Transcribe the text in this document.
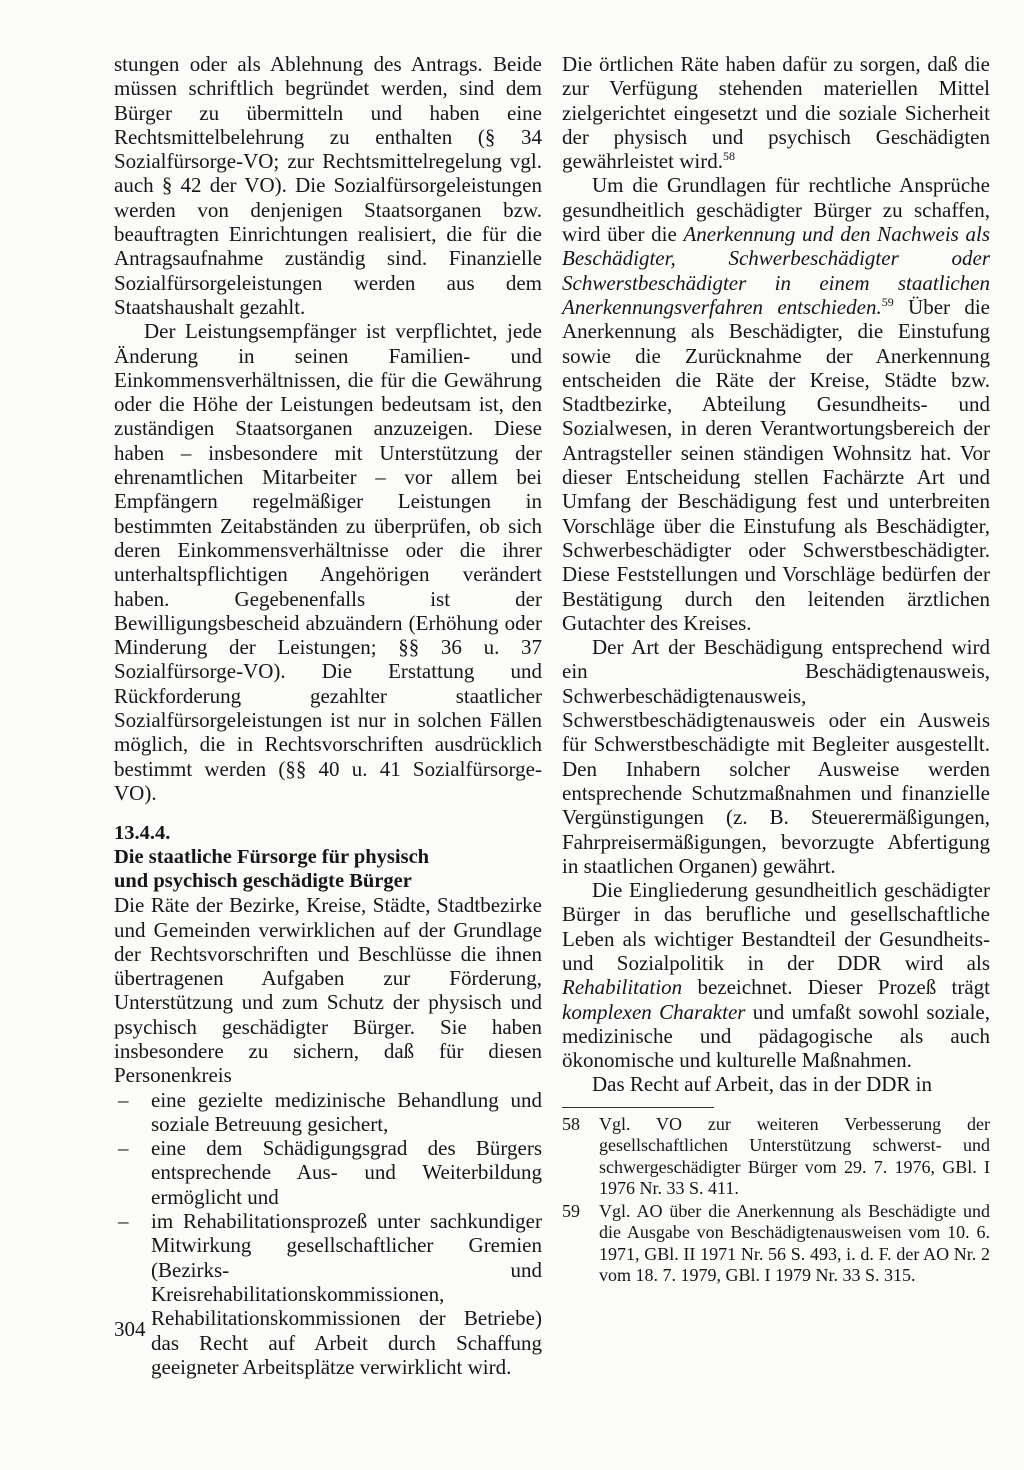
stungen oder als Ablehnung des Antrags. Beide müssen schriftlich begründet werden, sind dem Bürger zu übermitteln und haben eine Rechtsmittelbelehrung zu enthalten (§ 34 Sozialfürsorge-VO; zur Rechtsmittelregelung vgl. auch § 42 der VO). Die Sozialfürsorgeleistungen werden von denjenigen Staatsorganen bzw. beauftragten Einrichtungen realisiert, die für die Antragsaufnahme zuständig sind. Finanzielle Sozialfürsorgeleistungen werden aus dem Staatshaushalt gezahlt.

Der Leistungsempfänger ist verpflichtet, jede Änderung in seinen Familien- und Einkommensverhältnissen, die für die Gewährung oder die Höhe der Leistungen bedeutsam ist, den zuständigen Staatsorganen anzuzeigen. Diese haben – insbesondere mit Unterstützung der ehrenamtlichen Mitarbeiter – vor allem bei Empfängern regelmäßiger Leistungen in bestimmten Zeitabständen zu überprüfen, ob sich deren Einkommensverhältnisse oder die ihrer unterhaltspflichtigen Angehörigen verändert haben. Gegebenenfalls ist der Bewilligungsbescheid abzuändern (Erhöhung oder Minderung der Leistungen; §§ 36 u. 37 Sozialfürsorge-VO). Die Erstattung und Rückforderung gezahlter staatlicher Sozialfürsorgeleistungen ist nur in solchen Fällen möglich, die in Rechtsvorschriften ausdrücklich bestimmt werden (§§ 40 u. 41 Sozialfürsorge-VO).

13.4.4.
Die staatliche Fürsorge für physisch
und psychisch geschädigte Bürger

Die Räte der Bezirke, Kreise, Städte, Stadtbezirke und Gemeinden verwirklichen auf der Grundlage der Rechtsvorschriften und Beschlüsse die ihnen übertragenen Aufgaben zur Förderung, Unterstützung und zum Schutz der physisch und psychisch geschädigter Bürger. Sie haben insbesondere zu sichern, daß für diesen Personenkreis

– eine gezielte medizinische Behandlung und soziale Betreuung gesichert,
– eine dem Schädigungsgrad des Bürgers entsprechende Aus- und Weiterbildung ermöglicht und
– im Rehabilitationsprozeß unter sachkundiger Mitwirkung gesellschaftlicher Gremien (Bezirks- und Kreisrehabilitationskommissionen, Rehabilitationskommissionen der Betriebe) das Recht auf Arbeit durch Schaffung geeigneter Arbeitsplätze verwirklicht wird.

Die örtlichen Räte haben dafür zu sorgen, daß die zur Verfügung stehenden materiellen Mittel zielgerichtet eingesetzt und die soziale Sicherheit der physisch und psychisch Geschädigten gewährleistet wird.$^{58}$

Um die Grundlagen für rechtliche Ansprüche gesundheitlich geschädigter Bürger zu schaffen, wird über die Anerkennung und den Nachweis als Beschädigter, Schwerbeschädigter oder Schwerstbeschädigter in einem staatlichen Anerkennungsverfahren entschieden.$^{59}$ Über die Anerkennung als Beschädigter, die Einstufung sowie die Zurücknahme der Anerkennung entscheiden die Räte der Kreise, Städte bzw. Stadtbezirke, Abteilung Gesundheits- und Sozialwesen, in deren Verantwortungsbereich der Antragsteller seinen ständigen Wohnsitz hat. Vor dieser Entscheidung stellen Fachärzte Art und Umfang der Beschädigung fest und unterbreiten Vorschläge über die Einstufung als Beschädigter, Schwerbeschädigter oder Schwerstbeschädigter. Diese Feststellungen und Vorschläge bedürfen der Bestätigung durch den leitenden ärztlichen Gutachter des Kreises.

Der Art der Beschädigung entsprechend wird ein Beschädigtenausweis, Schwerbeschädigtenausweis, Schwerstbeschädigtenausweis oder ein Ausweis für Schwerstbeschädigte mit Begleiter ausgestellt. Den Inhabern solcher Ausweise werden entsprechende Schutzmaßnahmen und finanzielle Vergünstigungen (z. B. Steuerermäßigungen, Fahrpreisermäßigungen, bevorzugte Abfertigung in staatlichen Organen) gewährt.

Die Eingliederung gesundheitlich geschädigter Bürger in das berufliche und gesellschaftliche Leben als wichtiger Bestandteil der Gesundheits- und Sozialpolitik in der DDR wird als Rehabilitation bezeichnet. Dieser Prozeß trägt komplexen Charakter und umfaßt sowohl soziale, medizinische und pädagogische als auch ökonomische und kulturelle Maßnahmen.

Das Recht auf Arbeit, das in der DDR in

58 Vgl. VO zur weiteren Verbesserung der gesellschaftlichen Unterstützung schwerst- und schwergeschädigter Bürger vom 29. 7. 1976, GBl. I 1976 Nr. 33 S. 411.
59 Vgl. AO über die Anerkennung als Beschädigte und die Ausgabe von Beschädigtenausweisen vom 10. 6. 1971, GBl. II 1971 Nr. 56 S. 493, i. d. F. der AO Nr. 2 vom 18. 7. 1979, GBl. I 1979 Nr. 33 S. 315.
304
